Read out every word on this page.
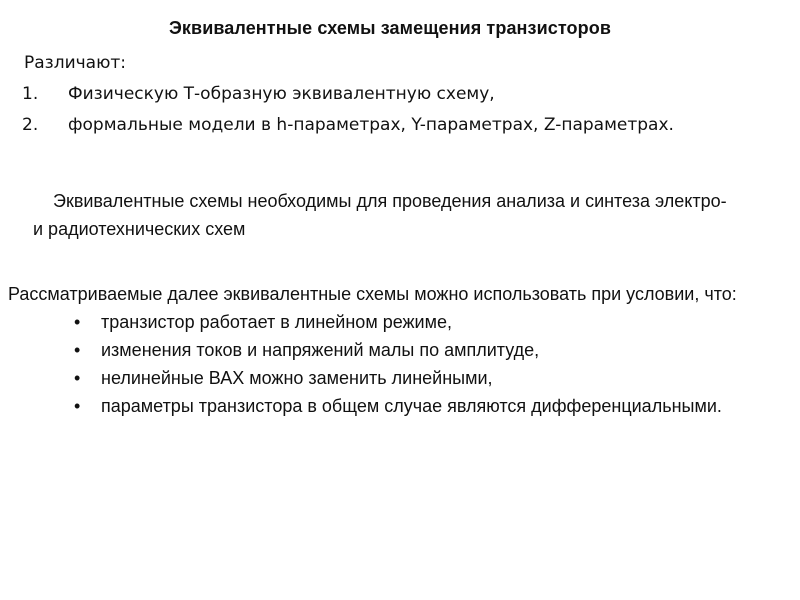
Эквивалентные схемы замещения транзисторов
Различают:
1.	Физическую Т-образную эквивалентную схему,
2.	формальные модели в h-параметрах, Y-параметрах, Z-параметрах.
Эквивалентные схемы необходимы для проведения анализа и синтеза электро- и радиотехнических схем
Рассматриваемые далее эквивалентные схемы можно использовать при условии, что:
• транзистор работает в линейном режиме,
• изменения токов и напряжений малы по амплитуде,
• нелинейные ВАХ можно заменить линейными,
• параметры транзистора в общем случае являются дифференциальными.
